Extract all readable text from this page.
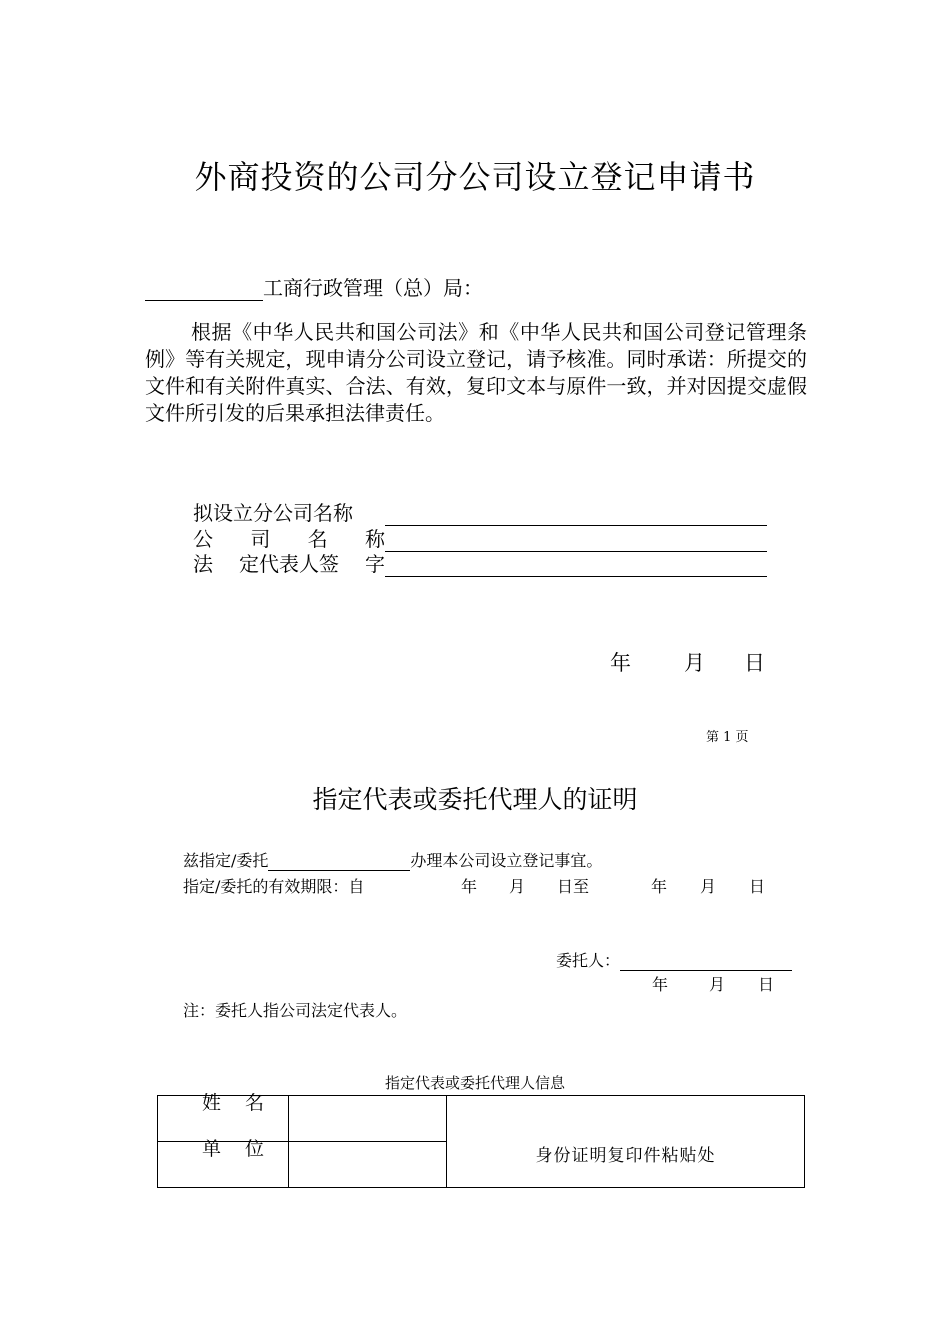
外商投资的公司分公司设立登记申请书
工商行政管理（总）局：

根据《中华人民共和国公司法》和《中华人民共和国公司登记管理条例》等有关规定，现申请分公司设立登记，请予核准。同时承诺：所提交的文件和有关附件真实、合法、有效，复印文本与原件一致，并对因提交虚假文件所引发的后果承担法律责任。

拟设立分公司名称
公 司 名 称
法 定代表人签 字
年	月 日
第 1 页
指定代表或委托代理人的证明
兹指定/委托	办理本公司设立登记事宜。
指定/委托的有效期限：自	年 月 日至	年 月 日
委托人：
年	月 日
注：委托人指公司法定代表人。
指定代表或委托代理人信息
姓 名		身份证明复印件粘贴处

单 位		
